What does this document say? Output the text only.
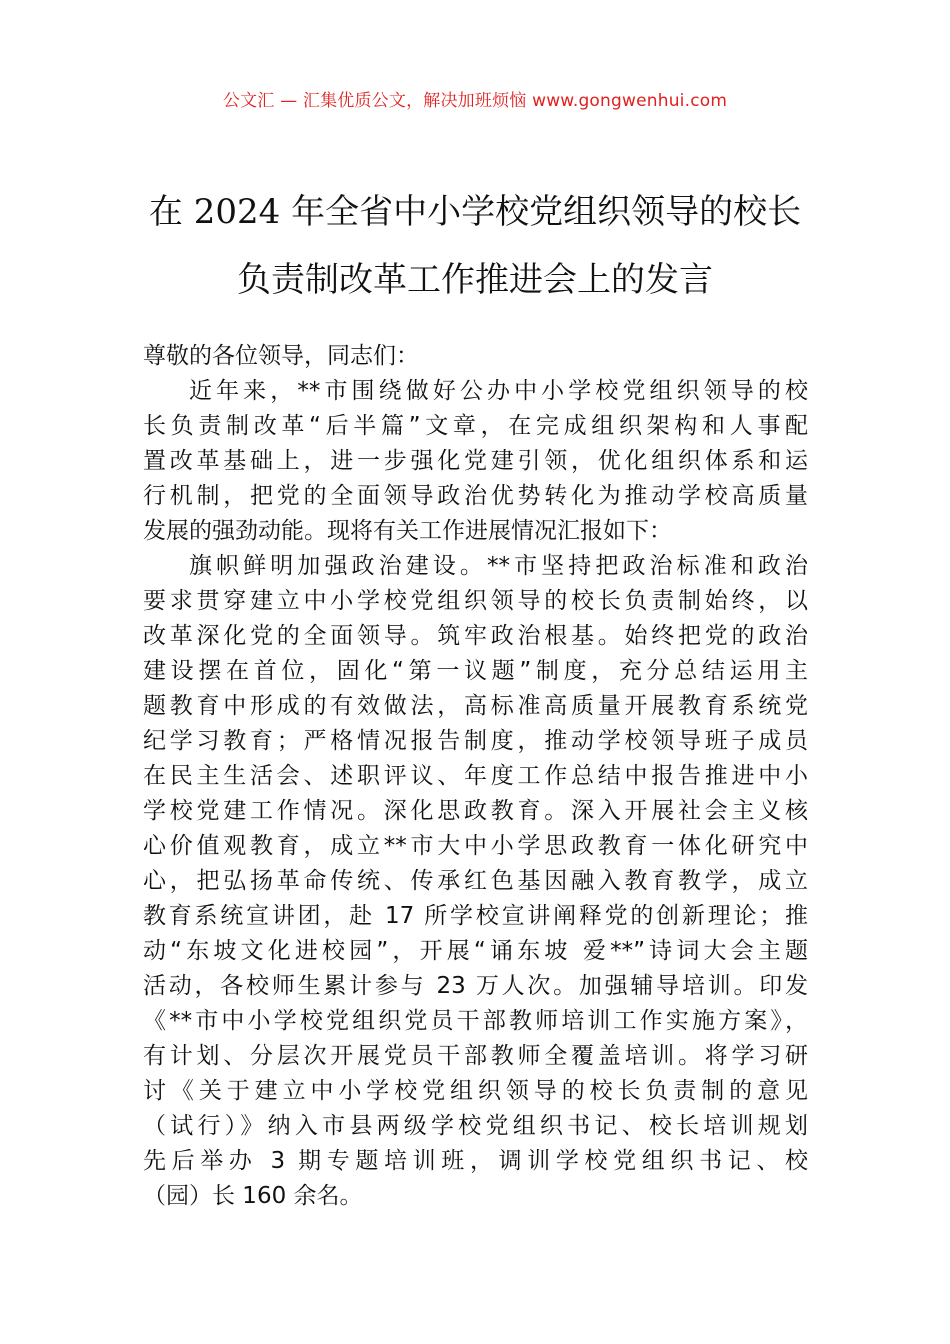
公文汇 — 汇集优质公文，解决加班烦恼 www.gongwenhui.com
在 2024 年全省中小学校党组织领导的校长
负责制改革工作推进会上的发言
尊敬的各位领导，同志们：
近年来，**市围绕做好公办中小学校党组织领导的校
长负责制改革“后半篇”文章，在完成组织架构和人事配
置改革基础上，进一步强化党建引领，优化组织体系和运
行机制，把党的全面领导政治优势转化为推动学校高质量
发展的强劲动能。现将有关工作进展情况汇报如下：
旗帜鲜明加强政治建设。**市坚持把政治标准和政治
要求贯穿建立中小学校党组织领导的校长负责制始终，以
改革深化党的全面领导。筑牢政治根基。始终把党的政治
建设摆在首位，固化“第一议题”制度，充分总结运用主
题教育中形成的有效做法，高标准高质量开展教育系统党
纪学习教育；严格情况报告制度，推动学校领导班子成员
在民主生活会、述职评议、年度工作总结中报告推进中小
学校党建工作情况。深化思政教育。深入开展社会主义核
心价值观教育，成立**市大中小学思政教育一体化研究中
心，把弘扬革命传统、传承红色基因融入教育教学，成立
教育系统宣讲团，赴 17 所学校宣讲阐释党的创新理论；推
动“东坡文化进校园”，开展“诵东坡 爱**”诗词大会主题
活动，各校师生累计参与 23 万人次。加强辅导培训。印发
《**市中小学校党组织党员干部教师培训工作实施方案》，
有计划、分层次开展党员干部教师全覆盖培训。将学习研
讨《关于建立中小学校党组织领导的校长负责制的意见
（试行）》纳入市县两级学校党组织书记、校长培训规划
先后举办 3 期专题培训班，调训学校党组织书记、校
（园）长 160 余名。
